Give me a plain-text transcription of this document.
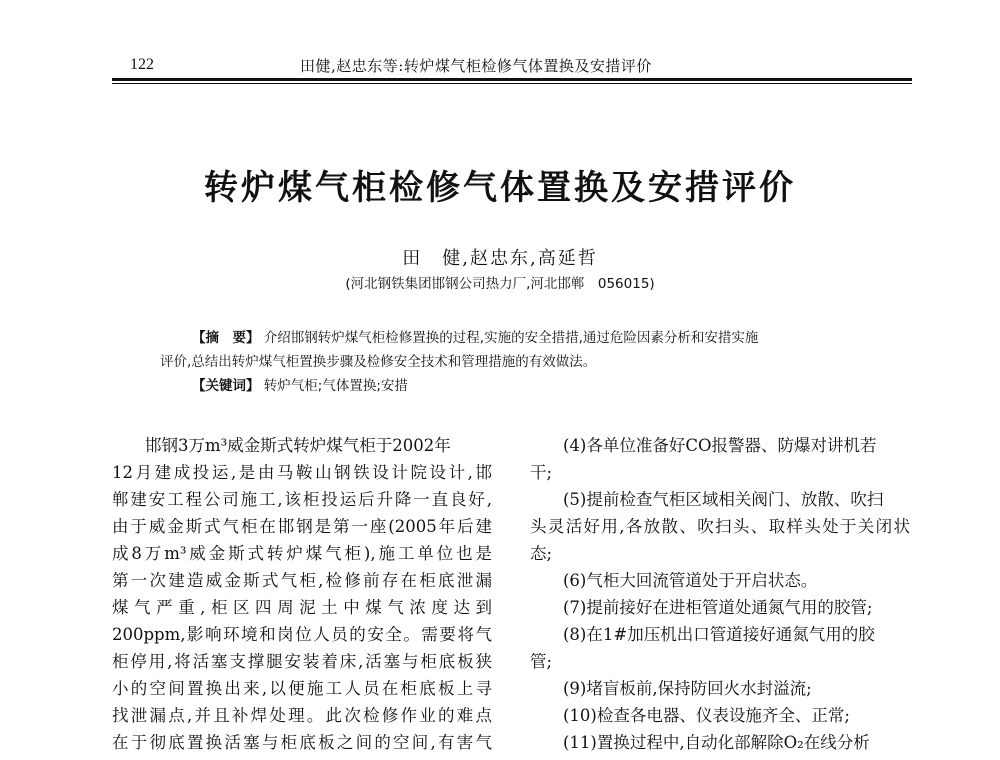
122	田健,赵忠东等:转炉煤气柜检修气体置换及安措评价
转炉煤气柜检修气体置换及安措评价
田　健,赵忠东,高延哲
(河北钢铁集团邯钢公司热力厂,河北邯郸　056015)
【摘　要】 介绍邯钢转炉煤气柜检修置换的过程,实施的安全措措,通过危险因素分析和安措实施
评价,总结出转炉煤气柜置换步骤及检修安全技术和管理措施的有效做法。
【关键词】 转炉气柜;气体置换;安措
邯钢3万m³威金斯式转炉煤气柜于2002年
12月建成投运,是由马鞍山钢铁设计院设计,邯
郸建安工程公司施工,该柜投运后升降一直良好,
由于威金斯式气柜在邯钢是第一座(2005年后建
成8万m³威金斯式转炉煤气柜),施工单位也是
第一次建造威金斯式气柜,检修前存在柜底泄漏
煤气严重,柜区四周泥土中煤气浓度达到
200ppm,影响环境和岗位人员的安全。需要将气
柜停用,将活塞支撑腿安装着床,活塞与柜底板狭
小的空间置换出来,以便施工人员在柜底板上寻
找泄漏点,并且补焊处理。此次检修作业的难点
在于彻底置换活塞与柜底板之间的空间,有害气
(4)各单位准备好CO报警器、防爆对讲机若
干;
(5)提前检查气柜区域相关阀门、放散、吹扫
头灵活好用,各放散、吹扫头、取样头处于关闭状
态;
(6)气柜大回流管道处于开启状态。
(7)提前接好在进柜管道处通氮气用的胶管;
(8)在1#加压机出口管道接好通氮气用的胶
管;
(9)堵盲板前,保持防回火水封溢流;
(10)检查各电器、仪表设施齐全、正常;
(11)置换过程中,自动化部解除O₂在线分析
